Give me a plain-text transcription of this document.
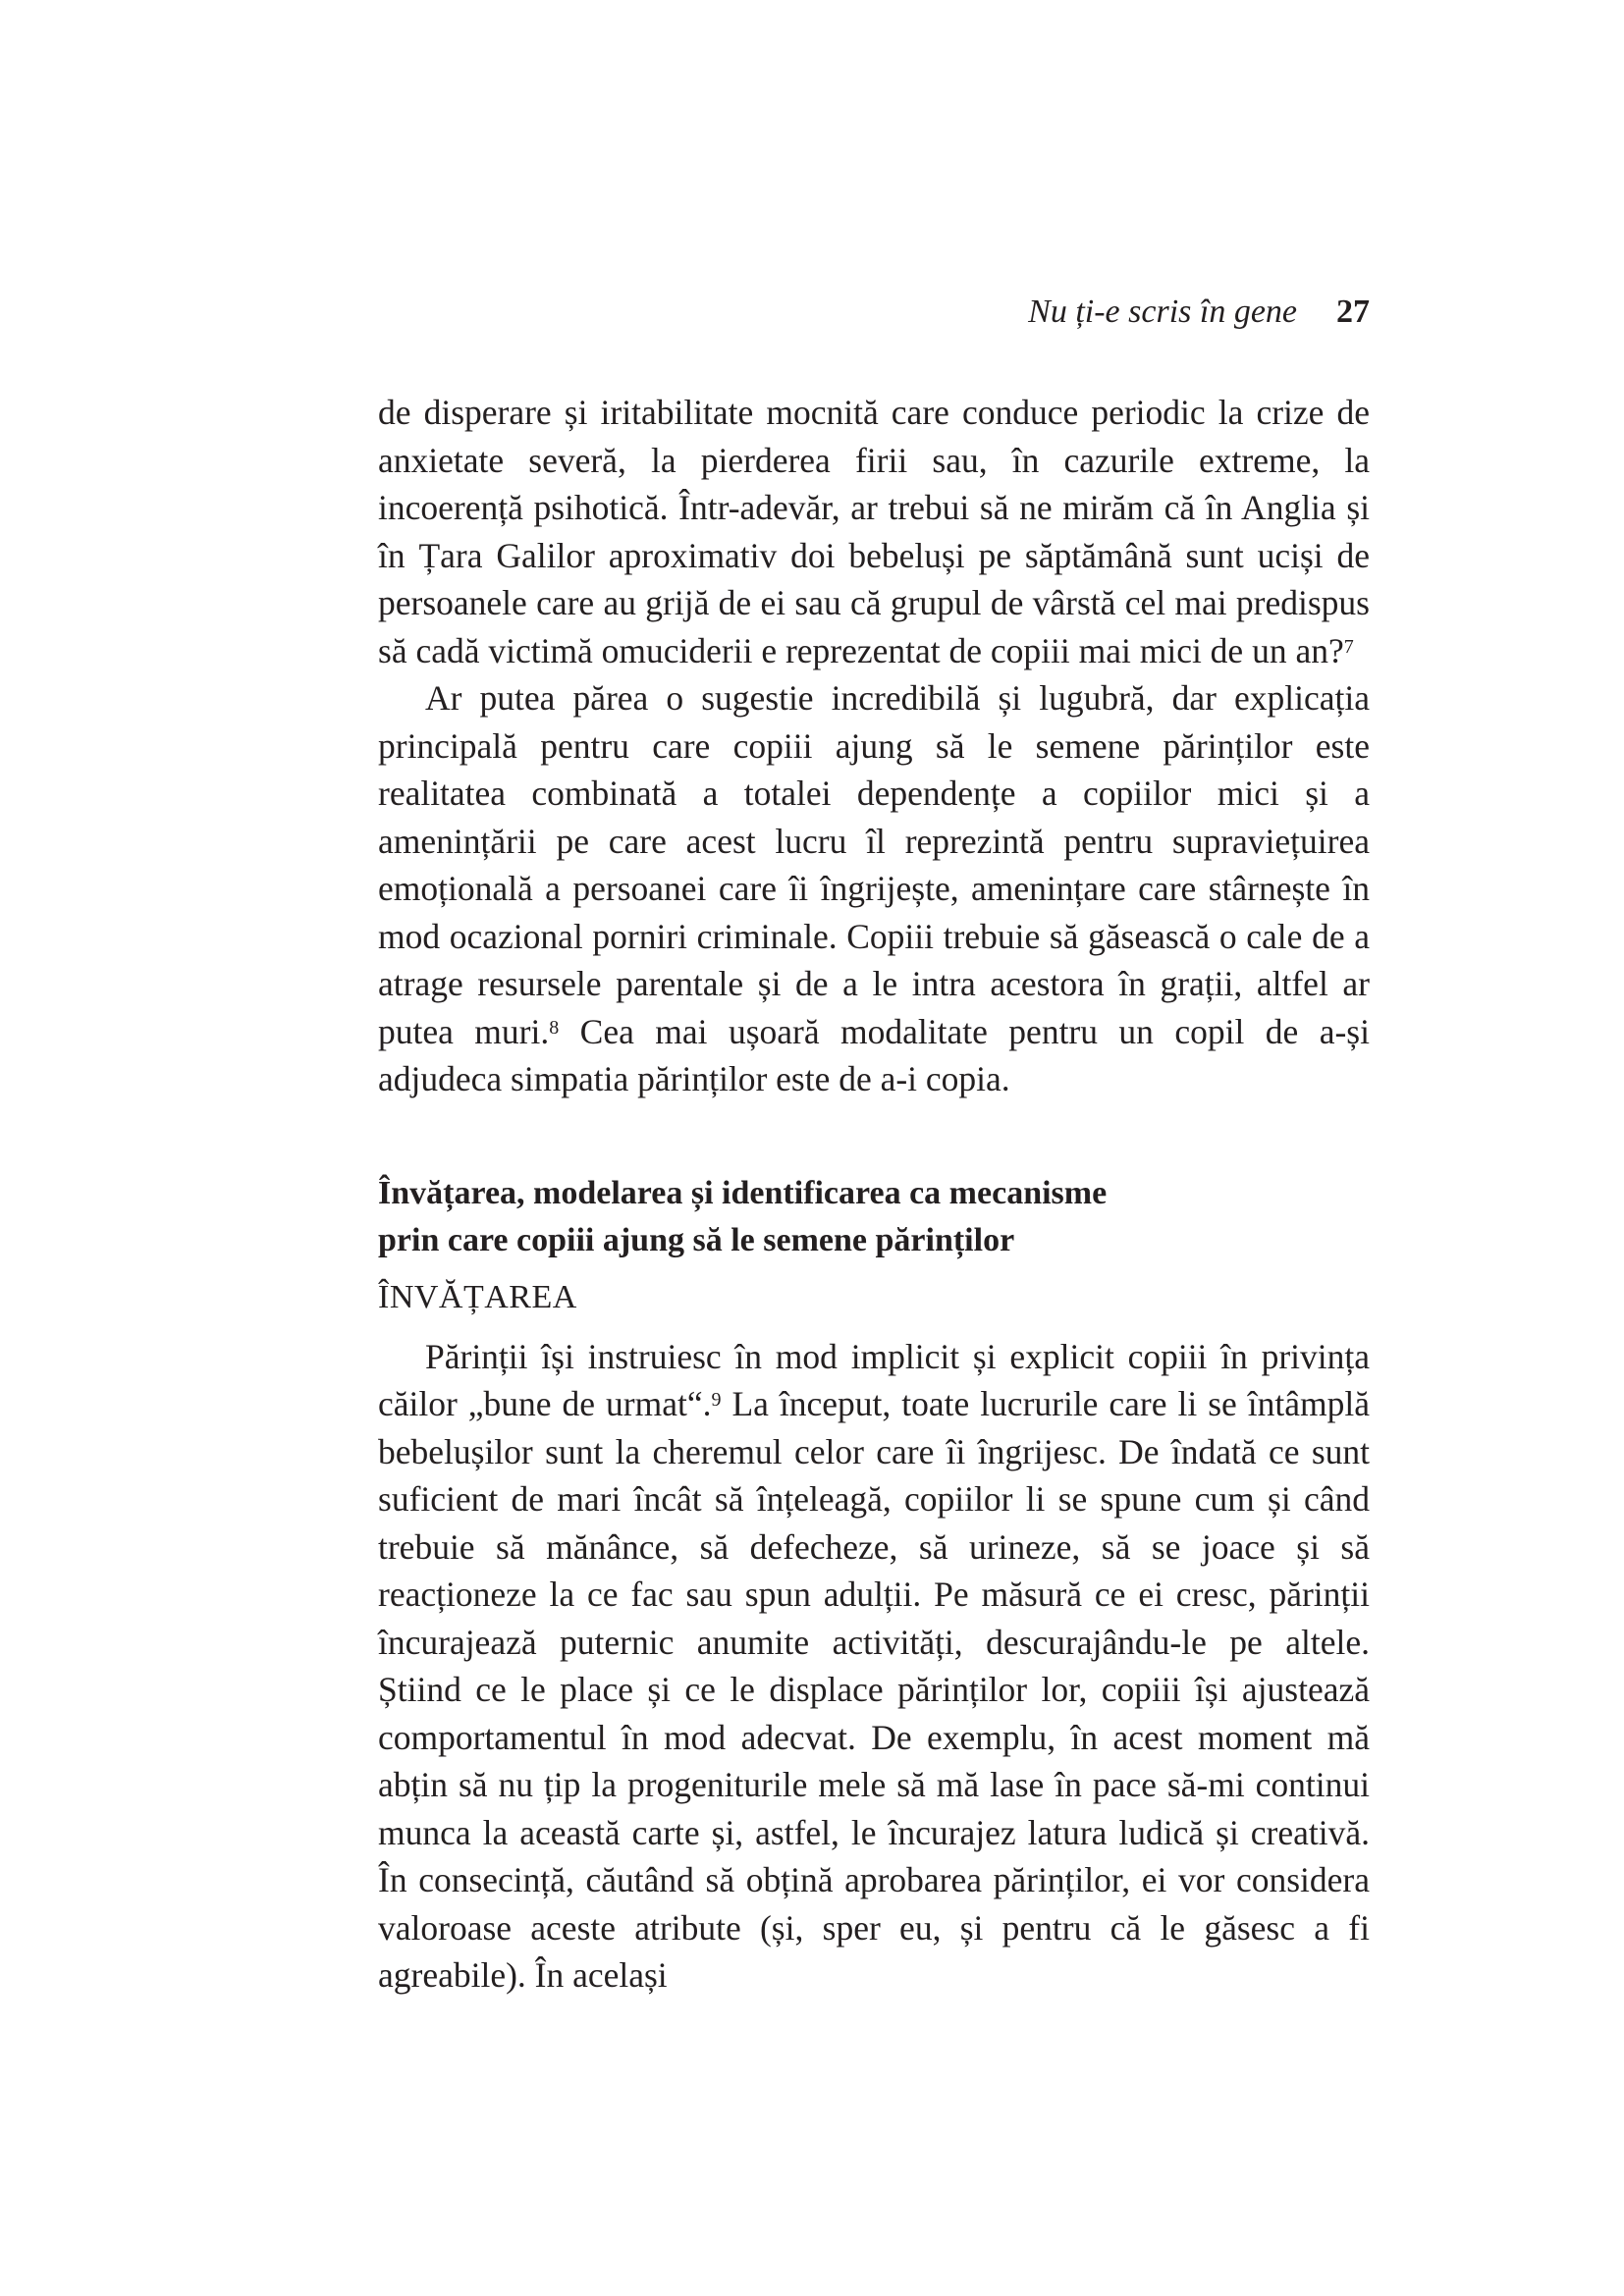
Nu ți-e scris în gene 27

de disperare și iritabilitate mocnită care conduce periodic la crize de anxietate severă, la pierderea firii sau, în cazurile extreme, la incoerență psihotică. Într-adevăr, ar trebui să ne mirăm că în Anglia și în Țara Galilor aproximativ doi bebeluși pe săptămână sunt uciși de persoanele care au grijă de ei sau că grupul de vârstă cel mai predispus să cadă victimă omuciderii e reprezentat de copiii mai mici de un an?$^7$

Ar putea părea o sugestie incredibilă și lugubră, dar explicația principală pentru care copiii ajung să le semene părinților este realitatea combinată a totalei dependențe a copiilor mici și a amenințării pe care acest lucru îl reprezintă pentru supraviețuirea emoțională a persoanei care îi îngrijește, amenințare care stârnește în mod ocazional porniri criminale. Copiii trebuie să găsească o cale de a atrage resursele parentale și de a le intra acestora în grații, altfel ar putea muri.$^8$ Cea mai ușoară modalitate pentru un copil de a-și adjudeca simpatia părinților este de a-i copia.

Învățarea, modelarea și identificarea ca mecanisme
prin care copiii ajung să le semene părinților
ÎNVĂȚAREA

Părinții își instruiesc în mod implicit și explicit copiii în privința căilor „bune de urmat“.$^9$ La început, toate lucrurile care li se întâmplă bebelușilor sunt la cheremul celor care îi îngrijesc. De îndată ce sunt suficient de mari încât să înțeleagă, copiilor li se spune cum și când trebuie să mănânce, să defecheze, să urineze, să se joace și să reacționeze la ce fac sau spun adulții. Pe măsură ce ei cresc, părinții încurajează puternic anumite activități, descurajându-le pe altele. Știind ce le place și ce le displace părinților lor, copiii își ajustează comportamentul în mod adecvat. De exemplu, în acest moment mă abțin să nu țip la progeniturile mele să mă lase în pace să-mi continui munca la această carte și, astfel, le încurajez latura ludică și creativă. În consecință, căutând să obțină aprobarea părinților, ei vor considera valoroase aceste atribute (și, sper eu, și pentru că le găsesc a fi agreabile). În același
